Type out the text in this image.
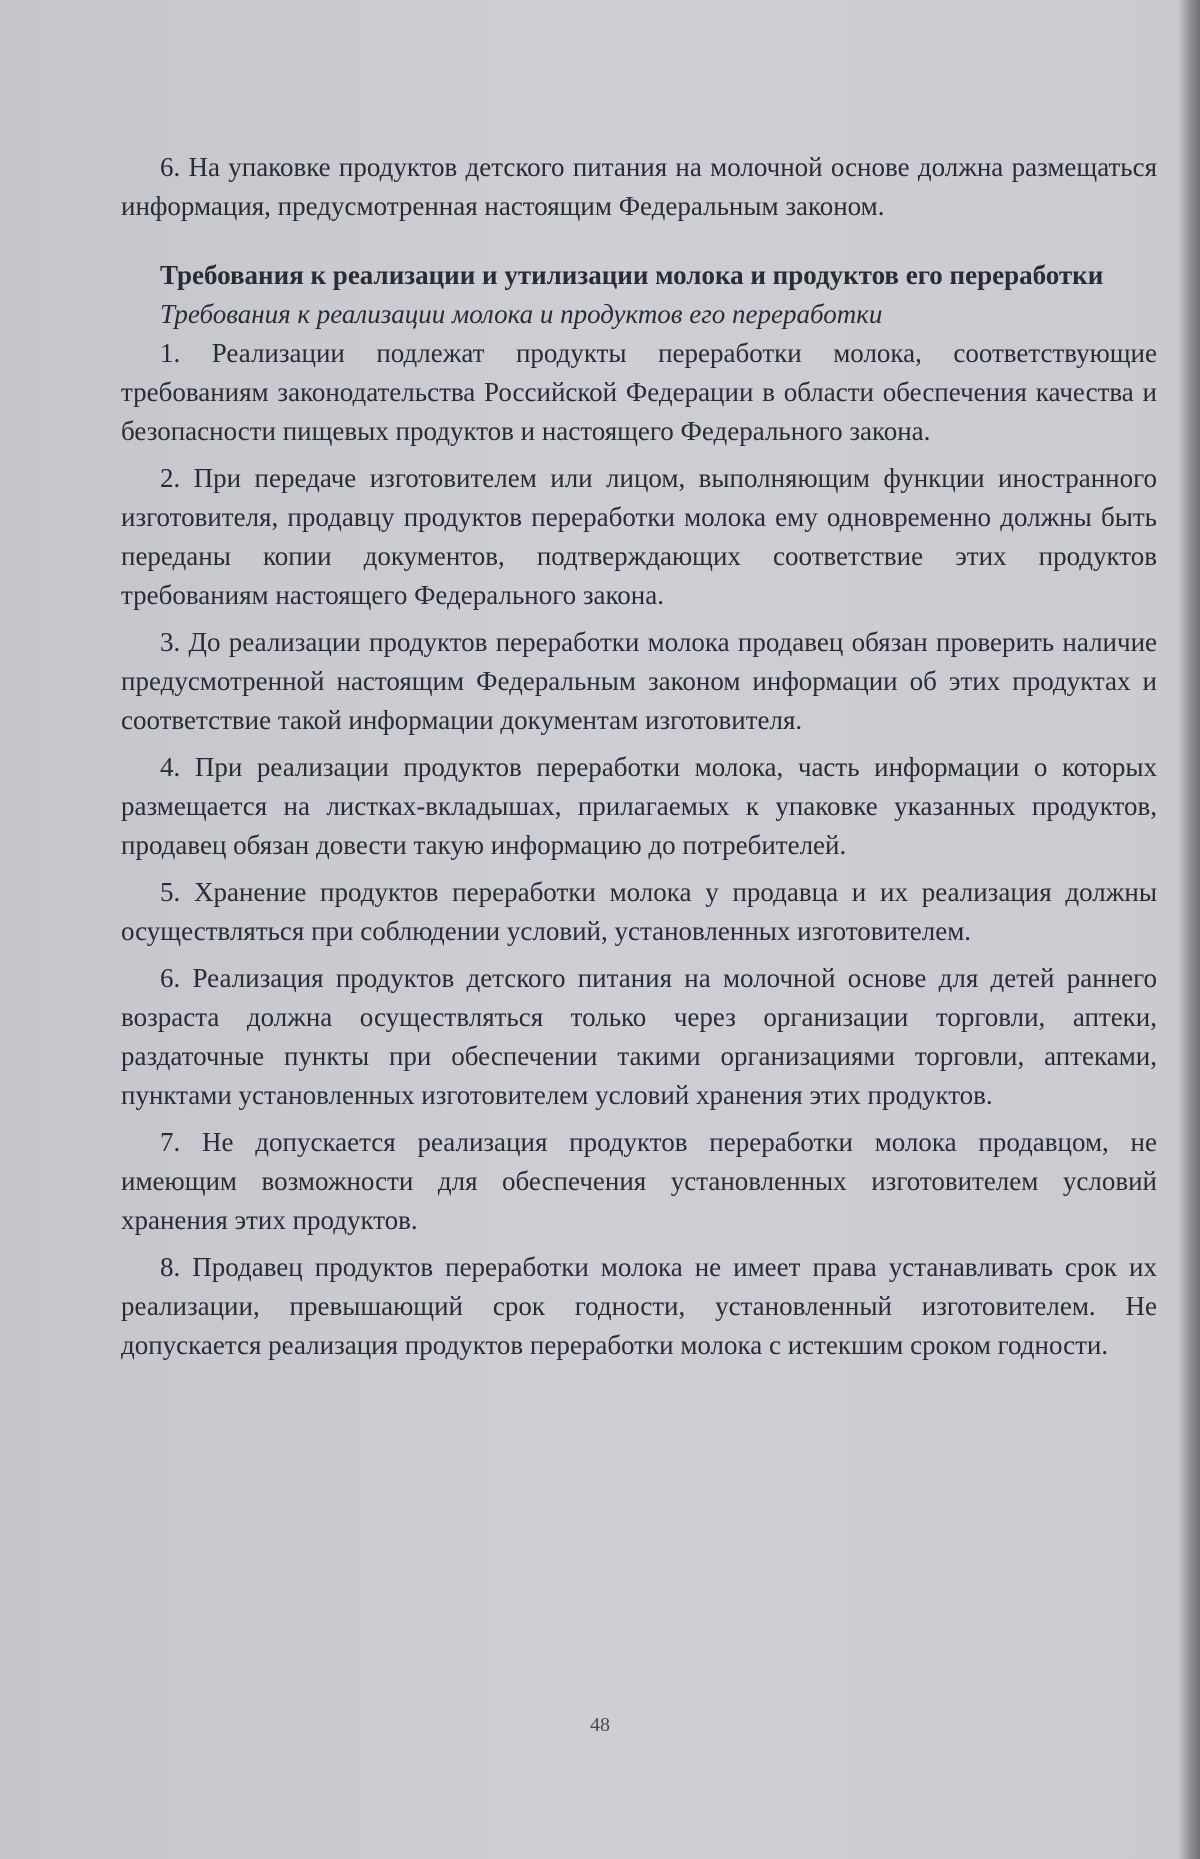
6. На упаковке продуктов детского питания на молочной основе должна размещаться информация, предусмотренная настоящим Федеральным законом.

Требования к реализации и утилизации молока и продуктов его переработки

Требования к реализации молока и продуктов его переработки

1. Реализации подлежат продукты переработки молока, соответствующие требованиям законодательства Российской Федерации в области обеспечения качества и безопасности пищевых продуктов и настоящего Федерального закона.

2. При передаче изготовителем или лицом, выполняющим функции иностранного изготовителя, продавцу продуктов переработки молока ему одновременно должны быть переданы копии документов, подтверждающих соответствие этих продуктов требованиям настоящего Федерального закона.

3. До реализации продуктов переработки молока продавец обязан проверить наличие предусмотренной настоящим Федеральным законом информации об этих продуктах и соответствие такой информации документам изготовителя.

4. При реализации продуктов переработки молока, часть информации о которых размещается на листках-вкладышах, прилагаемых к упаковке указанных продуктов, продавец обязан довести такую информацию до потребителей.

5. Хранение продуктов переработки молока у продавца и их реализация должны осуществляться при соблюдении условий, установленных изготовителем.

6. Реализация продуктов детского питания на молочной основе для детей раннего возраста должна осуществляться только через организации торговли, аптеки, раздаточные пункты при обеспечении такими организациями торговли, аптеками, пунктами установленных изготовителем условий хранения этих продуктов.

7. Не допускается реализация продуктов переработки молока продавцом, не имеющим возможности для обеспечения установленных изготовителем условий хранения этих продуктов.

8. Продавец продуктов переработки молока не имеет права устанавливать срок их реализации, превышающий срок годности, установленный изготовителем. Не допускается реализация продуктов переработки молока с истекшим сроком годности.

48
